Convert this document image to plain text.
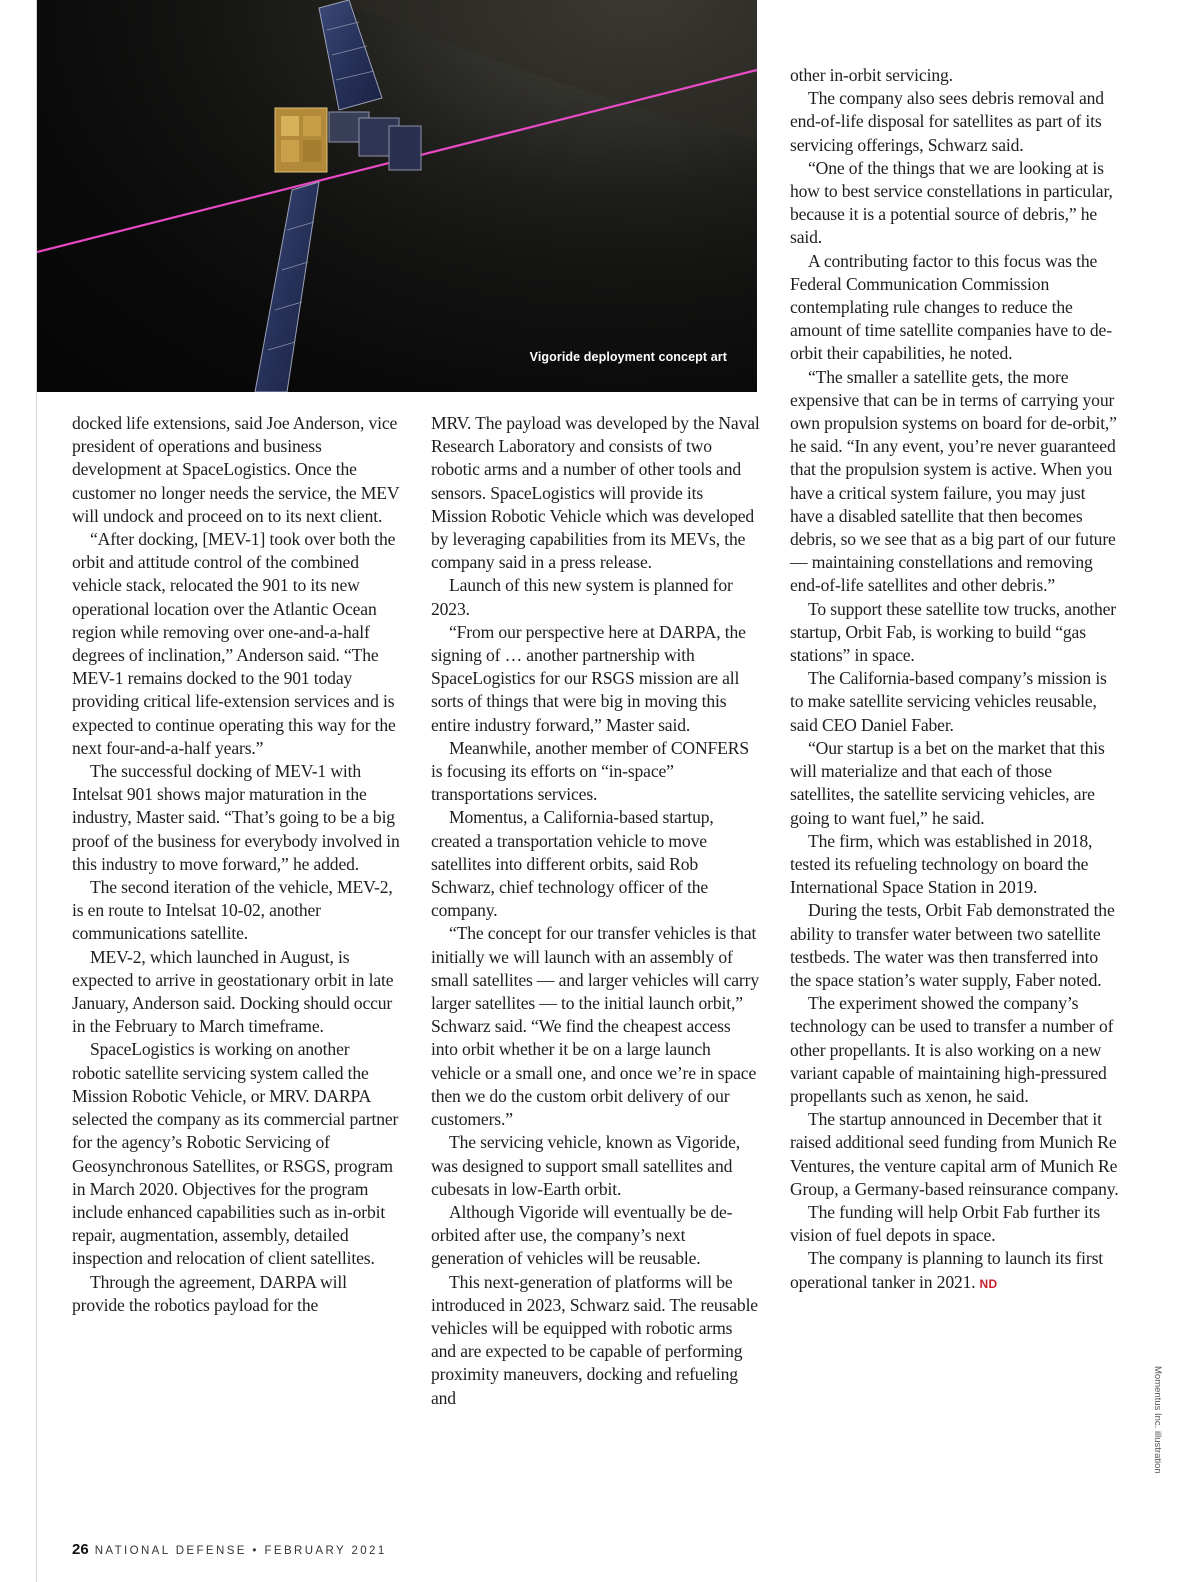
Vigoride deployment concept art

docked life extensions, said Joe Anderson, vice president of operations and business development at SpaceLogistics. Once the customer no longer needs the service, the MEV will undock and proceed on to its next client.

“After docking, [MEV-1] took over both the orbit and attitude control of the combined vehicle stack, relocated the 901 to its new operational location over the Atlantic Ocean region while removing over one-and-a-half degrees of inclination,” Anderson said. “The MEV-1 remains docked to the 901 today providing critical life-extension services and is expected to continue operating this way for the next four-and-a-half years.”

The successful docking of MEV-1 with Intelsat 901 shows major maturation in the industry, Master said. “That’s going to be a big proof of the business for everybody involved in this industry to move forward,” he added.

The second iteration of the vehicle, MEV-2, is en route to Intelsat 10-02, another communications satellite.

MEV-2, which launched in August, is expected to arrive in geostationary orbit in late January, Anderson said. Docking should occur in the February to March timeframe.

SpaceLogistics is working on another robotic satellite servicing system called the Mission Robotic Vehicle, or MRV. DARPA selected the company as its commercial partner for the agency’s Robotic Servicing of Geosynchronous Satellites, or RSGS, program in March 2020. Objectives for the program include enhanced capabilities such as in-orbit repair, augmentation, assembly, detailed inspection and relocation of client satellites.

Through the agreement, DARPA will provide the robotics payload for the

MRV. The payload was developed by the Naval Research Laboratory and consists of two robotic arms and a number of other tools and sensors. SpaceLogistics will provide its Mission Robotic Vehicle which was developed by leveraging capabilities from its MEVs, the company said in a press release.

Launch of this new system is planned for 2023.

“From our perspective here at DARPA, the signing of … another partnership with SpaceLogistics for our RSGS mission are all sorts of things that were big in moving this entire industry forward,” Master said.

Meanwhile, another member of CONFERS is focusing its efforts on “in-space” transportations services.

Momentus, a California-based startup, created a transportation vehicle to move satellites into different orbits, said Rob Schwarz, chief technology officer of the company.

“The concept for our transfer vehicles is that initially we will launch with an assembly of small satellites — and larger vehicles will carry larger satellites — to the initial launch orbit,” Schwarz said. “We find the cheapest access into orbit whether it be on a large launch vehicle or a small one, and once we’re in space then we do the custom orbit delivery of our customers.”

The servicing vehicle, known as Vigoride, was designed to support small satellites and cubesats in low-Earth orbit.

Although Vigoride will eventually be de-orbited after use, the company’s next generation of vehicles will be reusable.

This next-generation of platforms will be introduced in 2023, Schwarz said. The reusable vehicles will be equipped with robotic arms and are expected to be capable of performing proximity maneuvers, docking and refueling and

other in-orbit servicing.

The company also sees debris removal and end-of-life disposal for satellites as part of its servicing offerings, Schwarz said.

“One of the things that we are looking at is how to best service constellations in particular, because it is a potential source of debris,” he said.

A contributing factor to this focus was the Federal Communication Commission contemplating rule changes to reduce the amount of time satellite companies have to de-orbit their capabilities, he noted.

“The smaller a satellite gets, the more expensive that can be in terms of carrying your own propulsion systems on board for de-orbit,” he said. “In any event, you’re never guaranteed that the propulsion system is active. When you have a critical system failure, you may just have a disabled satellite that then becomes debris, so we see that as a big part of our future — maintaining constellations and removing end-of-life satellites and other debris.”

To support these satellite tow trucks, another startup, Orbit Fab, is working to build “gas stations” in space.

The California-based company’s mission is to make satellite servicing vehicles reusable, said CEO Daniel Faber.

“Our startup is a bet on the market that this will materialize and that each of those satellites, the satellite servicing vehicles, are going to want fuel,” he said.

The firm, which was established in 2018, tested its refueling technology on board the International Space Station in 2019.

During the tests, Orbit Fab demonstrated the ability to transfer water between two satellite testbeds. The water was then transferred into the space station’s water supply, Faber noted.

The experiment showed the company’s technology can be used to transfer a number of other propellants. It is also working on a new variant capable of maintaining high-pressured propellants such as xenon, he said.

The startup announced in December that it raised additional seed funding from Munich Re Ventures, the venture capital arm of Munich Re Group, a Germany-based reinsurance company.

The funding will help Orbit Fab further its vision of fuel depots in space.

The company is planning to launch its first operational tanker in 2021. ND

26 NATIONAL DEFENSE • FEBRUARY 2021
Momentus Inc. illustration
